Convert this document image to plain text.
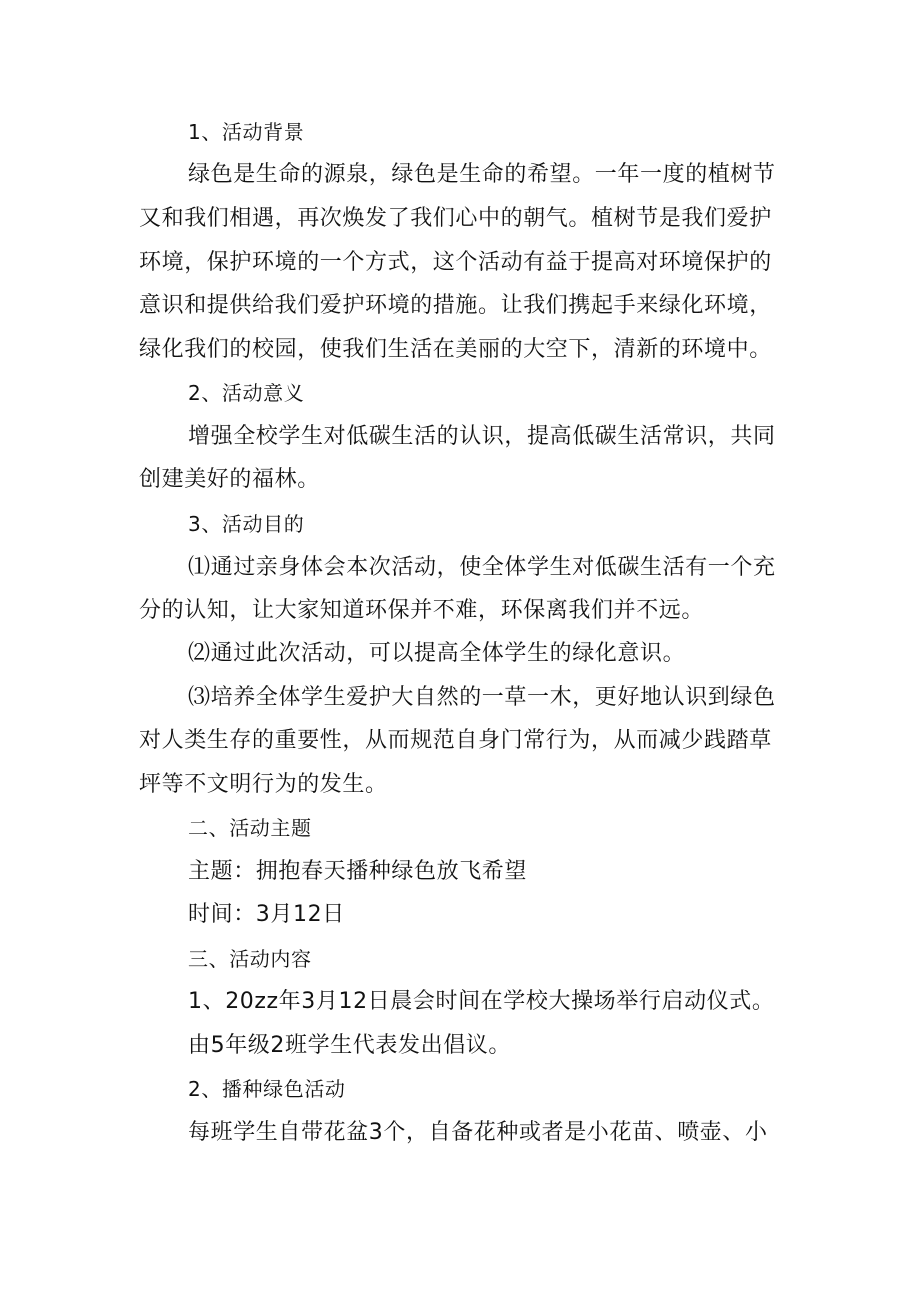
1、活动背景
绿色是生命的源泉，绿色是生命的希望。一年一度的植树节
又和我们相遇，再次焕发了我们心中的朝气。植树节是我们爱护
环境，保护环境的一个方式，这个活动有益于提高对环境保护的
意识和提供给我们爱护环境的措施。让我们携起手来绿化环境，
绿化我们的校园，使我们生活在美丽的大空下，清新的环境中。
2、活动意义
增强全校学生对低碳生活的认识，提高低碳生活常识，共同
创建美好的福林。
3、活动目的
⑴通过亲身体会本次活动，使全体学生对低碳生活有一个充
分的认知，让大家知道环保并不难，环保离我们并不远。
⑵通过此次活动，可以提高全体学生的绿化意识。
⑶培养全体学生爱护大自然的一草一木，更好地认识到绿色
对人类生存的重要性，从而规范自身门常行为，从而减少践踏草
坪等不文明行为的发生。
二、活动主题
主题：拥抱春天播种绿色放飞希望
时间：3月12日
三、活动内容
1、20zz年3月12日晨会时间在学校大操场举行启动仪式。
由5年级2班学生代表发出倡议。
2、播种绿色活动
每班学生自带花盆3个，自备花种或者是小花苗、喷壶、小
